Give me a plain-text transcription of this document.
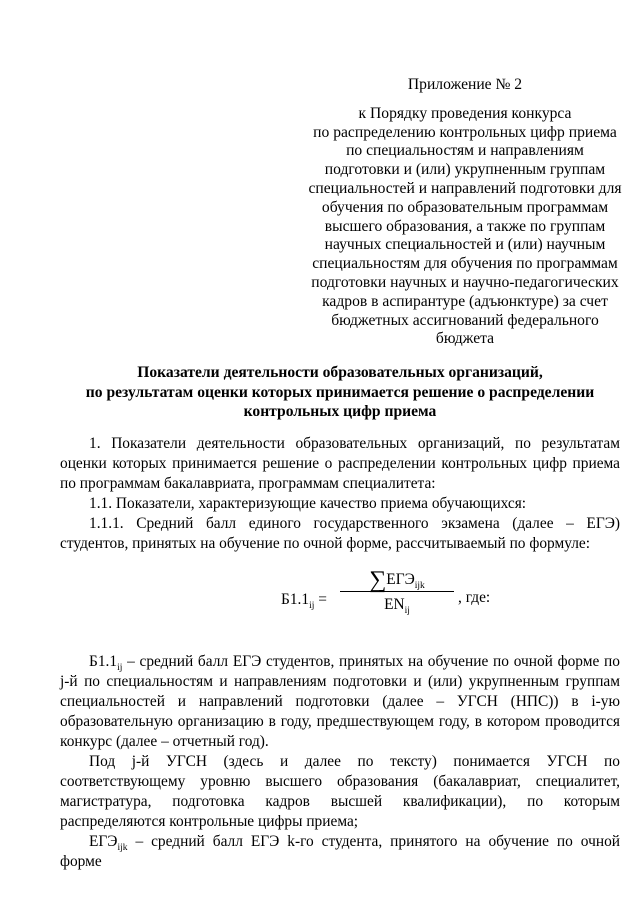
Приложение № 2
к Порядку проведения конкурса
по распределению контрольных цифр приема
по специальностям и направлениям
подготовки и (или) укрупненным группам
специальностей и направлений подготовки для
обучения по образовательным программам
высшего образования, а также по группам
научных специальностей и (или) научным
специальностям для обучения по программам
подготовки научных и научно-педагогических
кадров в аспирантуре (адъюнктуре) за счет
бюджетных ассигнований федерального
бюджета
Показатели деятельности образовательных организаций,
по результатам оценки которых принимается решение о распределении
контрольных цифр приема

1. Показатели деятельности образовательных организаций, по результатам оценки которых принимается решение о распределении контрольных цифр приема по программам бакалавриата, программам специалитета:

1.1. Показатели, характеризующие качество приема обучающихся:

1.1.1. Средний балл единого государственного экзамена (далее – ЕГЭ) студентов, принятых на обучение по очной форме, рассчитываемый по формуле:

$Б1.1_{ij}$ =
$\sum ЕГЭ_{ijk}$
$EN_{ij}$
, где:

$Б1.1_{ij}$ – средний балл ЕГЭ студентов, принятых на обучение по очной форме по j-й по специальностям и направлениям подготовки и (или) укрупненным группам специальностей и направлений подготовки (далее – УГСН (НПС)) в i-ую образовательную организацию в году, предшествующем году, в котором проводится конкурс (далее – отчетный год).

Под j-й УГСН (здесь и далее по тексту) понимается УГСН по соответствующему уровню высшего образования (бакалавриат, специалитет, магистратура, подготовка кадров высшей квалификации), по которым распределяются контрольные цифры приема;

$ЕГЭ_{ijk}$ – средний балл ЕГЭ k-го студента, принятого на обучение по очной форме
